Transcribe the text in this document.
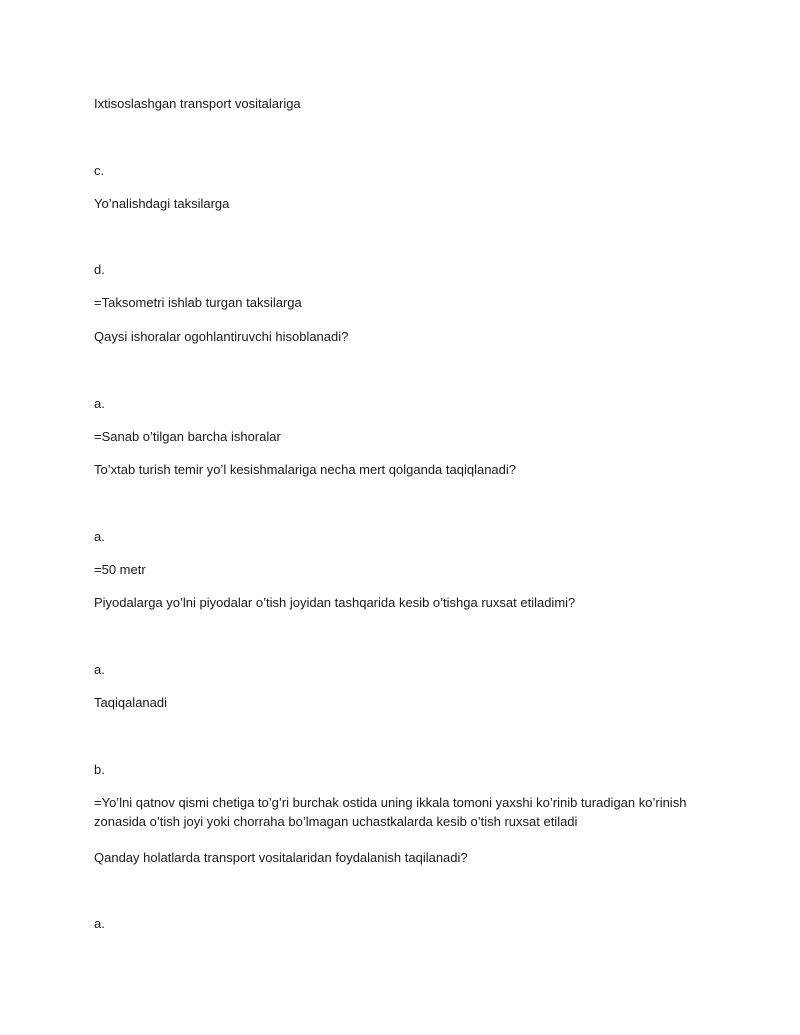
Ixtisoslashgan transport vositalariga
c.
Yo’nalishdagi taksilarga
d.
=Taksometri ishlab turgan taksilarga
Qaysi ishoralar ogohlantiruvchi hisoblanadi?
a.
=Sanab o’tilgan barcha ishoralar
To’xtab turish temir yo’l kesishmalariga necha mert qolganda taqiqlanadi?
a.
=50 metr
Piyodalarga yo’lni piyodalar o’tish joyidan tashqarida kesib o’tishga ruxsat etiladimi?
a.
Taqiqalanadi
b.
=Yo’lni qatnov qismi chetiga to’g’ri burchak ostida uning ikkala tomoni yaxshi ko’rinib turadigan ko’rinish zonasida o’tish joyi yoki chorraha bo’lmagan uchastkalarda kesib o’tish ruxsat etiladi
Qanday holatlarda transport vositalaridan foydalanish taqilanadi?
a.
